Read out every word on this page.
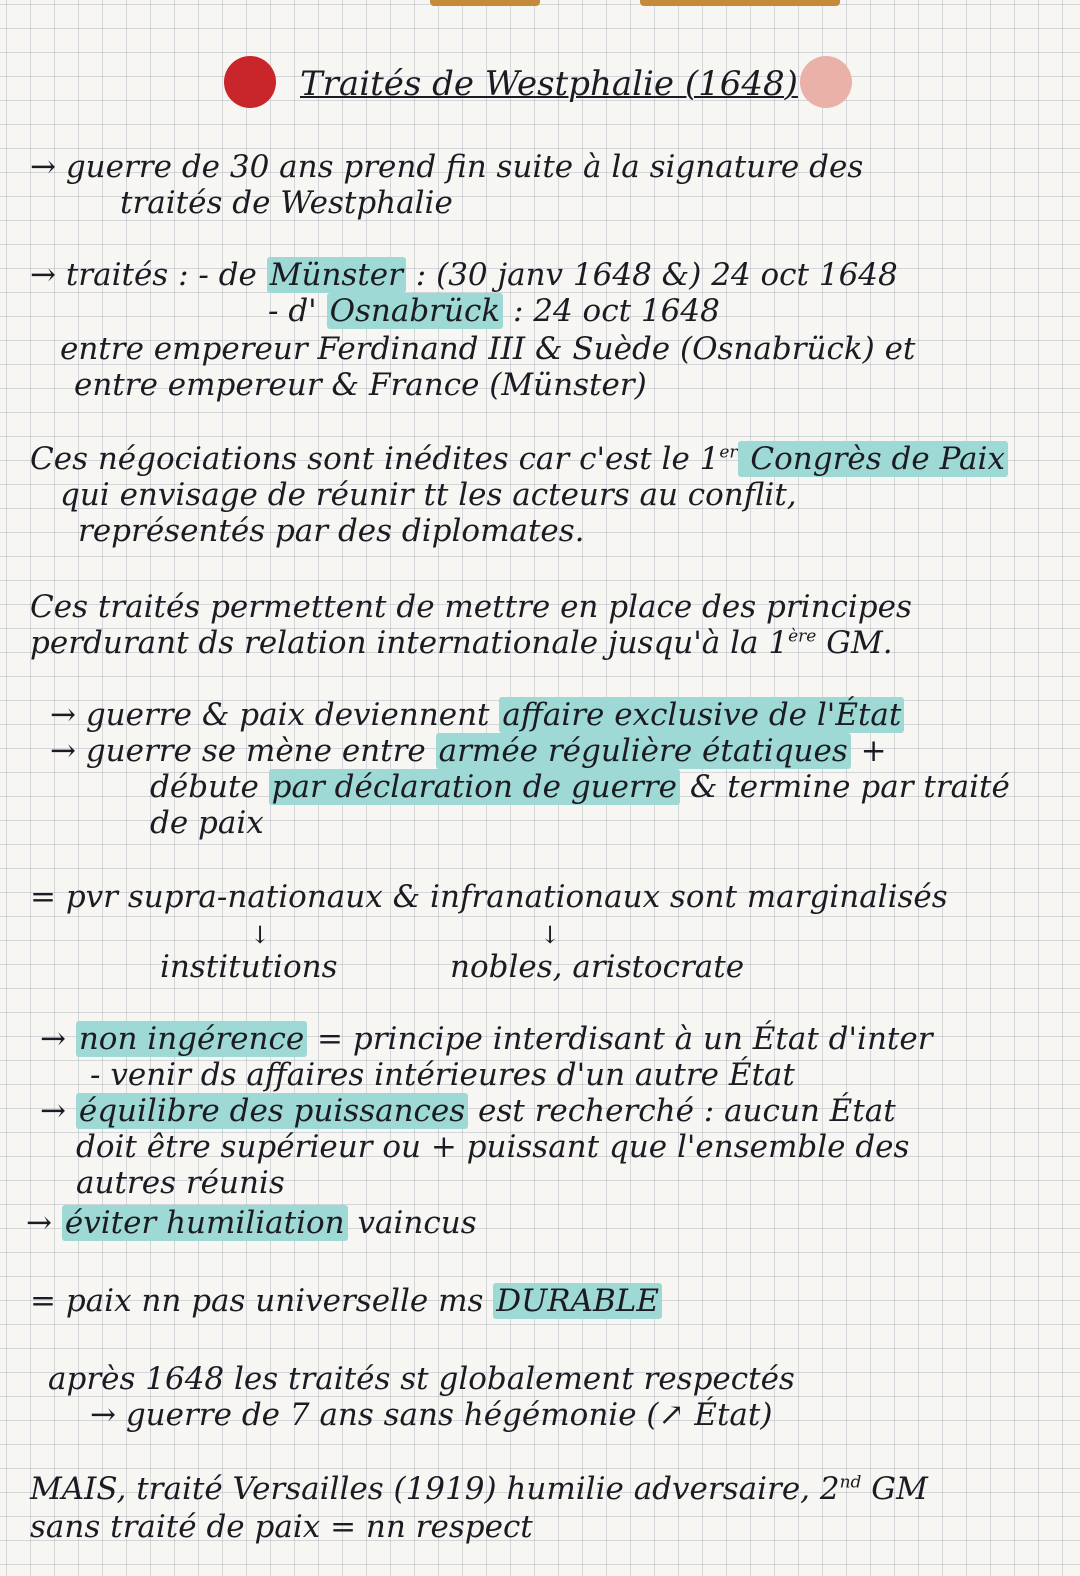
Traités de Westphalie (1648)
→ guerre de 30 ans prend fin suite à la signature des
traités de Westphalie
→ traités : - de Münster : (30 janv 1648 &) 24 oct 1648
- d' Osnabrück : 24 oct 1648
entre empereur Ferdinand III & Suède (Osnabrück) et
entre empereur & France (Münster)
Ces négociations sont inédites car c'est le 1er Congrès de Paix
qui envisage de réunir tt les acteurs au conflit,
représentés par des diplomates.
Ces traités permettent de mettre en place des principes
perdurant ds relation internationale jusqu'à la 1ère GM.
→ guerre & paix deviennent affaire exclusive de l'État
→ guerre se mène entre armée régulière étatiques +
débute par déclaration de guerre & termine par traité
de paix
= pvr supra-nationaux & infranationaux sont marginalisés
↓	↓
institutions	nobles, aristocrate
→ non ingérence = principe interdisant à un État d'inter
- venir ds affaires intérieures d'un autre État
→ équilibre des puissances est recherché : aucun État
doit être supérieur ou + puissant que l'ensemble des
autres réunis
→ éviter humiliation vaincus
= paix nn pas universelle ms DURABLE
après 1648 les traités st globalement respectés
→ guerre de 7 ans sans hégémonie (↗ État)
MAIS, traité Versailles (1919) humilie adversaire, 2nd GM
sans traité de paix = nn respect
